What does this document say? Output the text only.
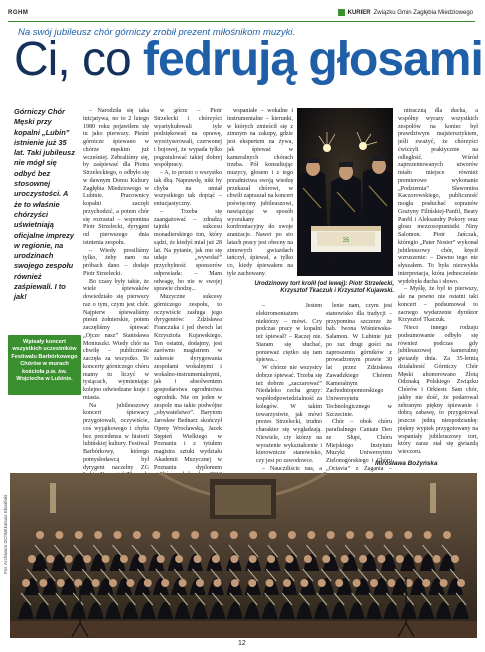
RGHM	KURIER Związku Gmin Zagłębia Miedziowego
Na swój jubileusz chór górniczy zrobił prezent miłośnikom muzyki.
Ci, co fedrują głosami
Górniczy Chór Męski przy kopalni „Lubin” istnienie już 35 lat. Taki jubileusz nie mógł się odbyć bez stosownej uroczystości. A że to właśnie chórzyści uświetniają oficjalne imprezy w regionie, na urodzinach swojego zespołu również zaśpiewali. I to jak!
Wpisały koncert wszystkich uczestników Festiwalu Barbórkowego Chórów w murach kościoła p.w. św. Wojciecha w Lubinie.

– Narodziła się taka inicjatywa, no to 2 lutego 1980 roku pojawiłem się tu jako pierwszy. Pieśni górnicze śpiewano w chórze męskim już wcześniej. Zebraliśmy się, by zaśpiewać dla Piotra Strzeleckiego, o odbyło się w dawnym Domu Kultury Zagłębia Miedziowego w Lubinie. Pracownicy kopalni zaczęli przychodzić, a potem chór się rozrastał – wspomina Piotr Strzelecki, dyrygent od pierwszego dnia istnienia zespołu.

– Wtedy prosiliśmy tylko, żeby nam na próbach dano – dodaje Piotr Strzelecki.

Bo czasy były takie, że wiele śpiewaków dowiedziało się pierwszy raz o tym, czym jest chór. Najpierw śpiewaliśmy pieśni żołnierskie, potem zaczęliśmy śpiewać „Ojcze nasz” Stanisława Moniuszki. Wtedy chór na chwilę – publiczność zaczęła za wszystko. Te koncerty górniczego chóru mamy tu liczyć w tysiącach, wymieniając kolejno odwiedzane kraje i miasta.

Na jubileuszowy koncert śpiewacy przygotowali, oczywiście, coś wyjątkowego i chyba bez precedensu w historii lubińskiej kultury. Festiwal Barbórkowy, którego pomysłodawcą był dyrygent naczelny ZG

w górze – Piotr Strzelecki i chórzyści wyartykułowali tyle podziękowań na oprawę, wyreżyserowali, czerwonej i bojowej, że wypada tylko pogratulować takiej dobrej współpracy.

– A, to prosto o wszystko tak dbą. Naprawdę, nikt by chyba na umiał wszystkiego tak dopiąć – entuzjastyczny.

– Trzeba się zaangażować – zdradzą tajniki sukcesu monadierskiego ton, który sądzi, że kiedyś miał już 28 lat. Na pytanie, jak mu się udaje „wywołać” przychylność sponsorów odpowiada: – Mam odwagę, bo nie w swojej sprawie chodzę...

Muzyczne sukcesy górniczego zespołu, to oczywiście zasługa jego dyrygentów: Zdzisława Franczuka i jed dwoch lat Krzysztofa Kujawskiego. Ten ostatni, dodajmy, jest zarówno magistrem w zakresie dyrygowania zespołami wokalnymi i wokalno-instrumentalnymi, jak i absolwentem gospodarstwa ogrodnictwa ogrodnik. Nie on jeden w zespole ma takie podwójne „obywatelstwo”. Barytom Jarosław Bednarz skończył Operę Wrocławską, Jacek Stępień Wielkiego w Poznaniu i z tytułem magistra sztuki wydziału Akademii Muzycznej w Poznaniu dyplomem

wspaniałe – wokalne i instrumentalne – kierunki, w których zmieścił się z zimnym na zakupy, gdzie jest ekspertem na żywa, jak śpiewać w kameralnych chórach trzeba. Pół konsultując muzycy, głosem i z tego poradnictwa swoją wiedzę przekazał chórowi, w chwili zapraszał na koncert poświęcony jubileuszowi, nawiązując w sposób wyszukany i konfrontacyjny do swoje aranżacje. Nawet po sto latach pracy jest obecny na zimowych gwiazdach tańczył, śpiewał, a tylko co, kiedy śpiewałem na tyle zachowany.

nitraczną dla ducha, a współny wyrazy wszystkich zespołów na koniec był prawdziwym majstersztykiem, jeśli zważyć, że chórzyści ćwiczyli praktycznie na odległość. Wśród zaprezentowanych utworów miało miejsce również premierowe wykonanie „Podziemia” Sławomira Kaczorowskiego, publiczność mogła posłuchać sopranów Grażyny Filińskiej-Panfil, Beaty Panfil i Aleksandry Pokory oraz głosu mezzosopranistki Niny Salomon. Piotr Jańczak, któregio „Pater Noster” wykonał jubileuszowy chór, kręcił wzruszenie: – Dawno tego nie słyszałem. To była niezwykła interpretacja, która jednocześnie wydobyła ducha i słowo.

– Myślę, że był to pierwszy, ale na pewno nie ostatni taki koncert – podsumował to zacnego wydarzenie dyrektor Krzysztof Tkaczuk.

Nieco innego rodzaju podsumowanie odbyło się również podczas gdy jubileuszowej kameralnej gwiazdy dnia. Za 35-letnią działalność Górniczy Chór Męski uhonorowano Złotą Odznaką Polskiego Związku Chórów i Orkiestr. Sam chór, jakby nie dość, że podarował zebranym piękny śpiewanie i dobrą zabawę, to przygotował jeszcze jedną niespodziankę: piękny wypiek przygotowany na wspaniały jubileuszowy tort, który zaraz stał się gwiazdą wieczoru.

– Jestem elektromontażem niektórzy – mówi. Czy podczas pracy w kopalni też śpiewał? – Raczej nie. Staram się słuchać, ponieważ ciężko się tam śpiewa...

W chórze nie wszystcy dobrze śpiewać. Trzeba się też dobrze „zaczarować” Niedaleko cecha grupy: współodpowiedzialność za kolegów. W takim towarzystwie, jak mówi prezes Strzelecki, trudno charakter się wygładzają. Niewiele, ciy którzy na wyrażenie wykształcenie i kierownicze stanowisko, czy jest po zawodowce.

– Naucziliście nas, a

lenie nam, czym jest stanowisko dla tradycji – przypomina szczerze że bab. Iwona Wiśniewska-Salamon. W Lubinie już po raz drugi gości na zaproszeniu górników z prowadzonym prawie 30 lat przez Zdzisława Zawadzkiego Chórem Kameralnym Zachodniopomorskiego Uniwersytetu Technologicznego w Szczecinie.

Chór – obok chóru parafialnego Cantate Deo ze Słupi, Chóru Miejskiego Instytutu Muzyki Uniwersytetu Zielonogórskiego i Chóru „Octavia” z Zagania –

35
Urodzinowy tort krolił (od lewej): Piotr Strzelecki, Krzysztof Tkaczuk i Krzysztof Kujawski.
Mirosława Bożyńska
Fot. Archiwum GChM/Janusz Kłosiński
12
